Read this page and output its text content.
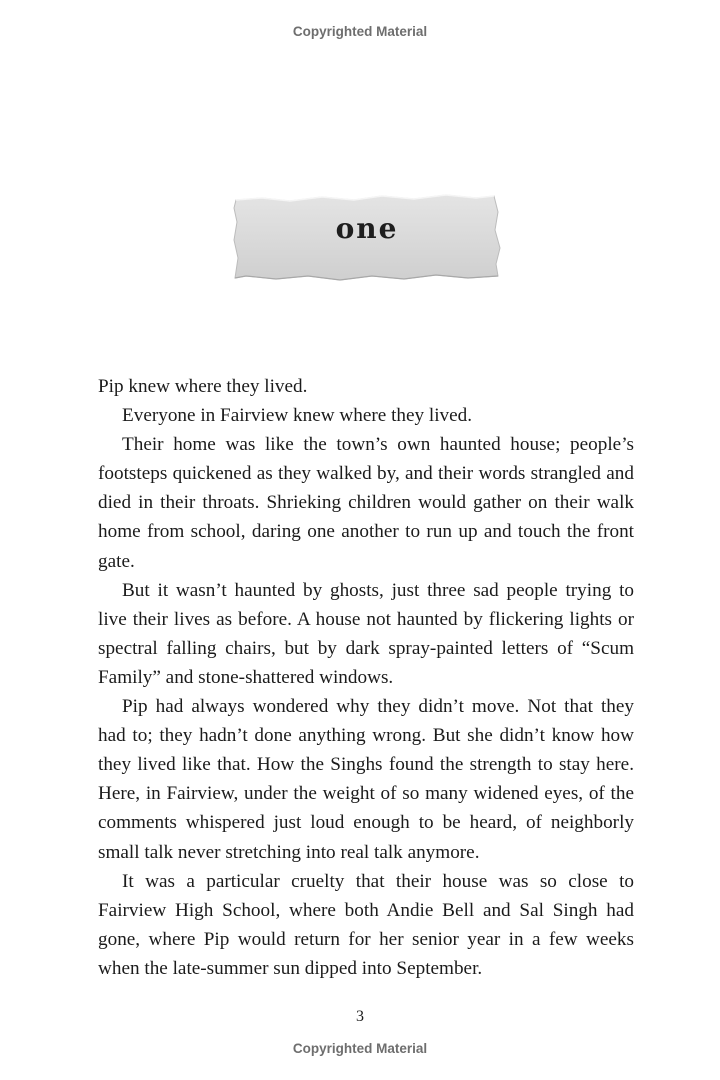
Copyrighted Material
one

Pip knew where they lived.

Everyone in Fairview knew where they lived.

Their home was like the town’s own haunted house; people’s footsteps quickened as they walked by, and their words strangled and died in their throats. Shrieking children would gather on their walk home from school, daring one another to run up and touch the front gate.

But it wasn’t haunted by ghosts, just three sad people trying to live their lives as before. A house not haunted by flickering lights or spectral falling chairs, but by dark spray-painted letters of “Scum Family” and stone-shattered windows.

Pip had always wondered why they didn’t move. Not that they had to; they hadn’t done anything wrong. But she didn’t know how they lived like that. How the Singhs found the strength to stay here. Here, in Fairview, under the weight of so many widened eyes, of the comments whispered just loud enough to be heard, of neighborly small talk never stretching into real talk anymore.

It was a particular cruelty that their house was so close to Fairview High School, where both Andie Bell and Sal Singh had gone, where Pip would return for her senior year in a few weeks when the late-summer sun dipped into September.

3
Copyrighted Material
